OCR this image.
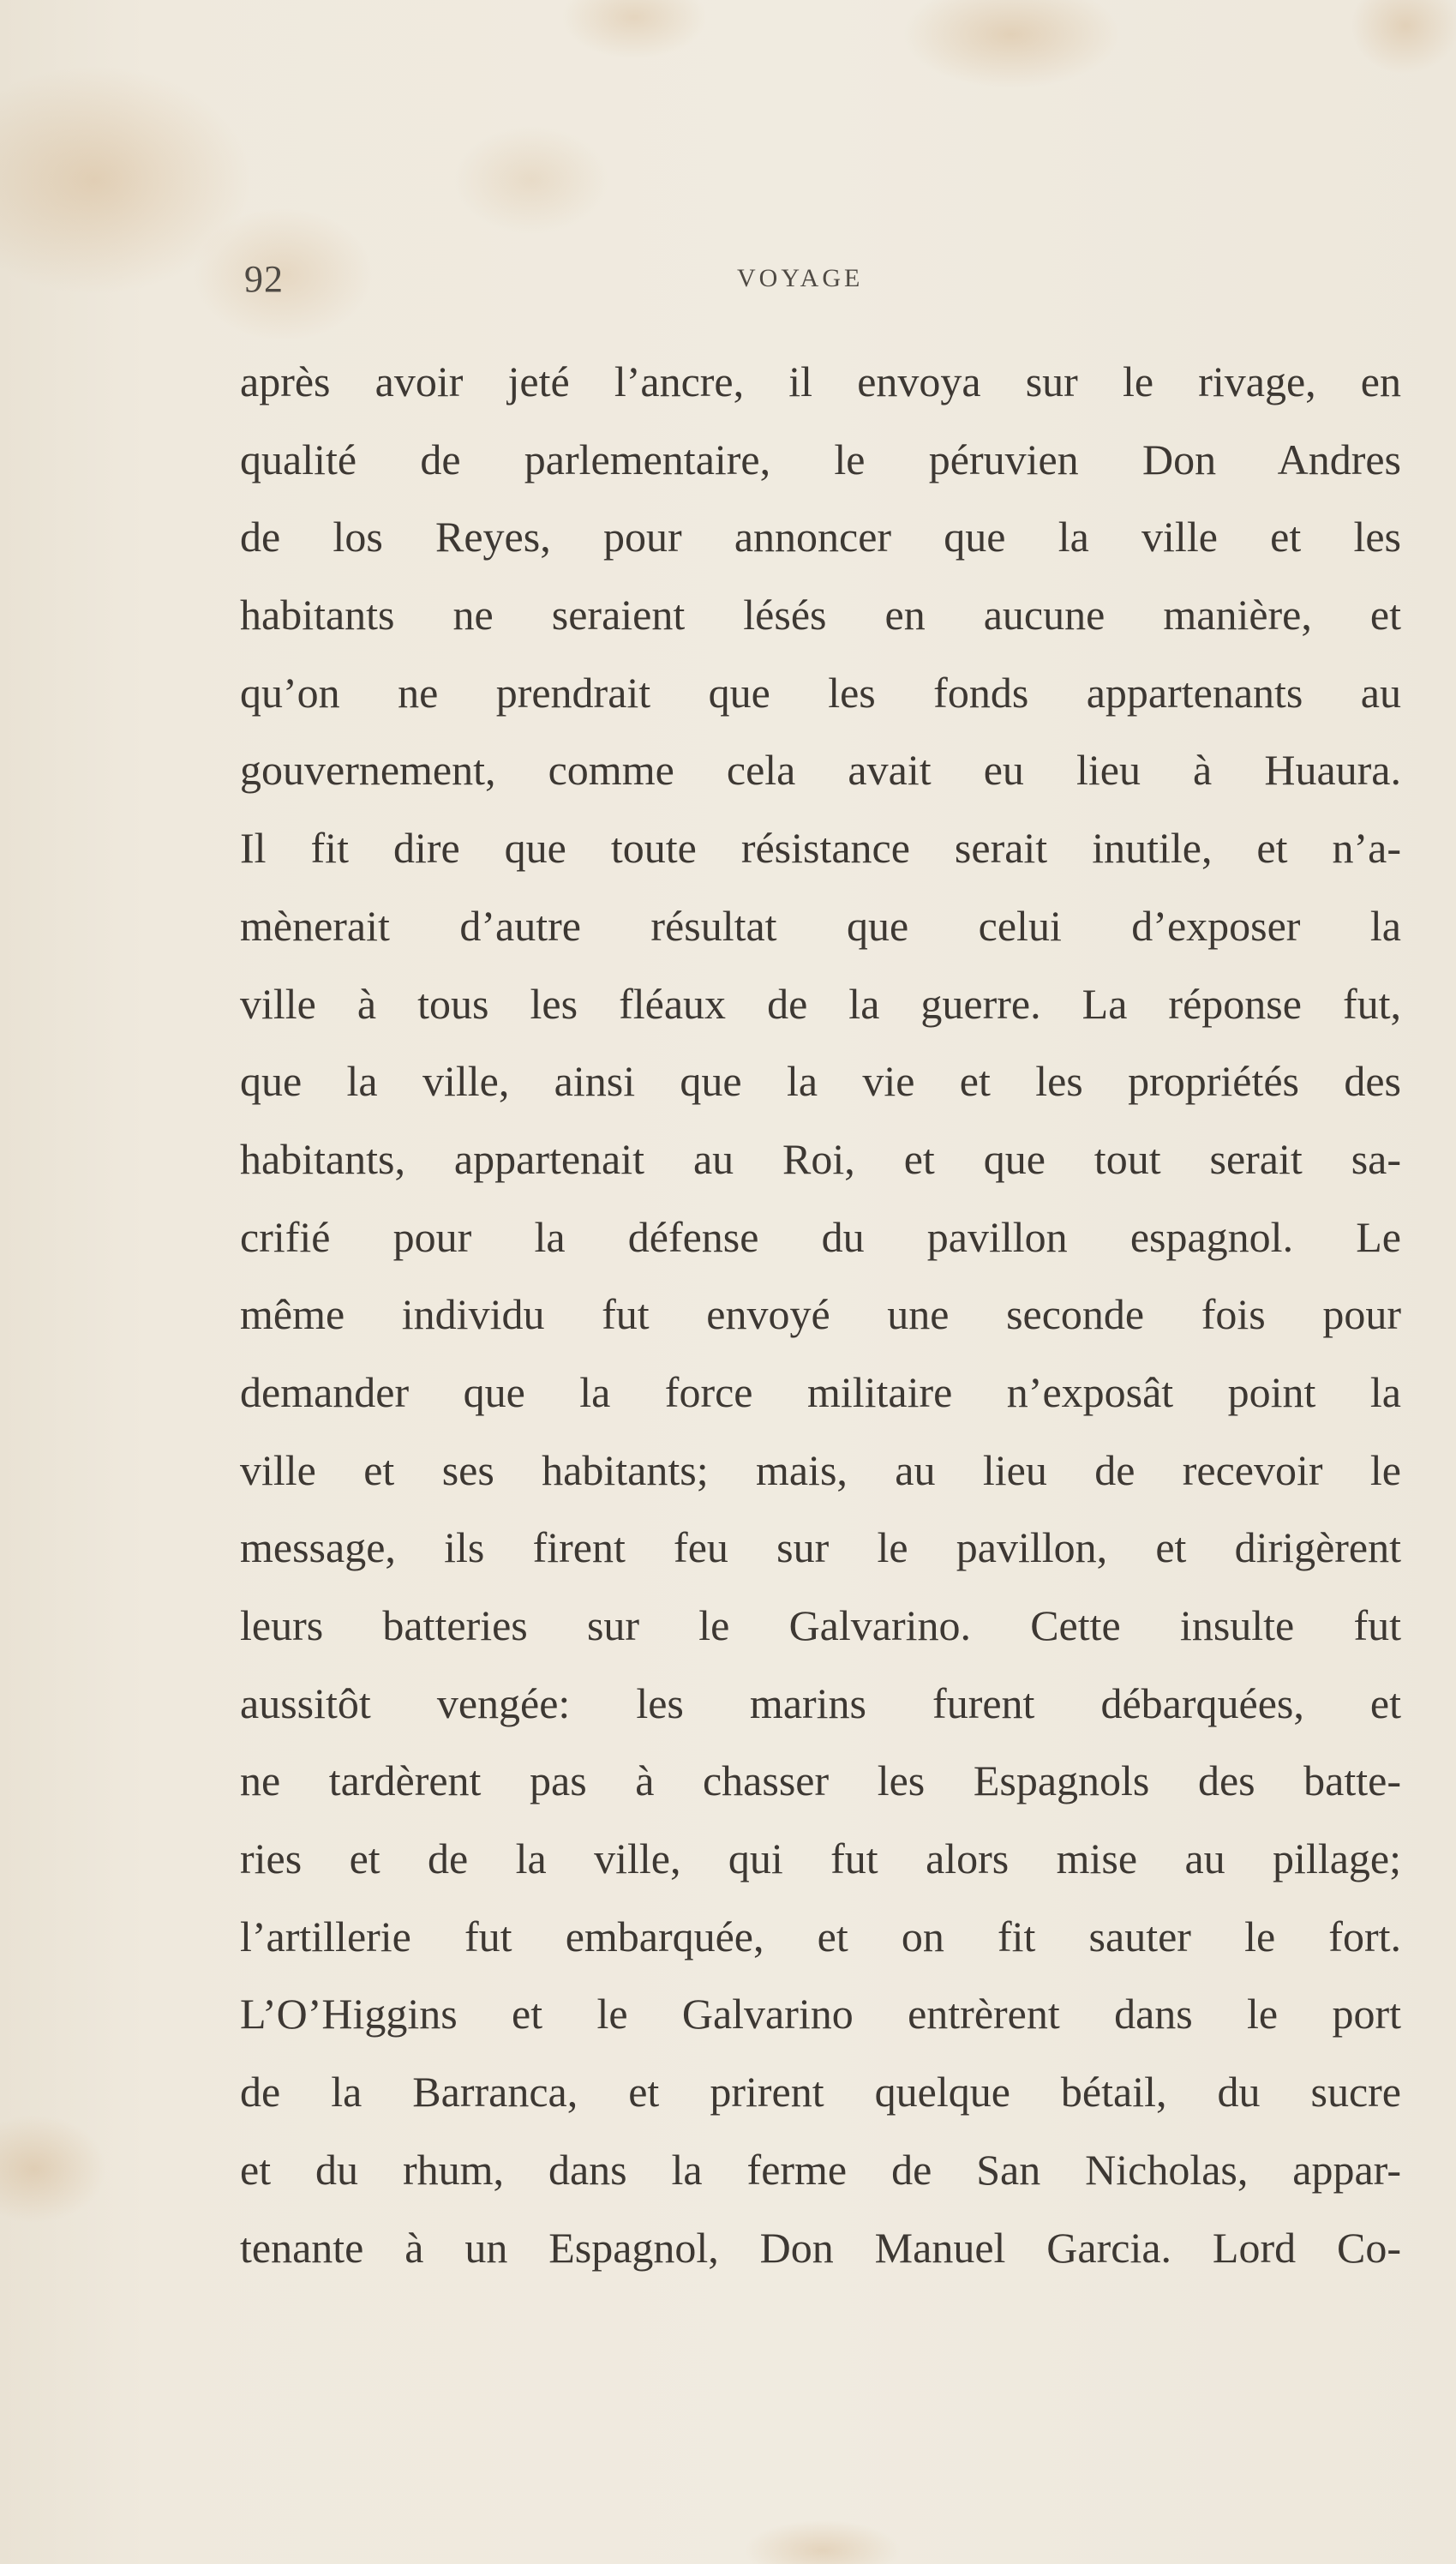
92	VOYAGE
après avoir jeté l’ancre, il envoya sur le rivage, en
qualité de parlementaire, le péruvien Don Andres
de los Reyes, pour annoncer que la ville et les
habitants ne seraient lésés en aucune manière, et
qu’on ne prendrait que les fonds appartenants au
gouvernement, comme cela avait eu lieu à Huaura.
Il fit dire que toute résistance serait inutile, et n’a-
mènerait d’autre résultat que celui d’exposer la
ville à tous les fléaux de la guerre. La réponse fut,
que la ville, ainsi que la vie et les propriétés des
habitants, appartenait au Roi, et que tout serait sa-
crifié pour la défense du pavillon espagnol. Le
même individu fut envoyé une seconde fois pour
demander que la force militaire n’exposât point la
ville et ses habitants; mais, au lieu de recevoir le
message, ils firent feu sur le pavillon, et dirigèrent
leurs batteries sur le Galvarino. Cette insulte fut
aussitôt vengée: les marins furent débarquées, et
ne tardèrent pas à chasser les Espagnols des batte-
ries et de la ville, qui fut alors mise au pillage;
l’artillerie fut embarquée, et on fit sauter le fort.
L’O’Higgins et le Galvarino entrèrent dans le port
de la Barranca, et prirent quelque bétail, du sucre
et du rhum, dans la ferme de San Nicholas, appar-
tenante à un Espagnol, Don Manuel Garcia. Lord Co-
